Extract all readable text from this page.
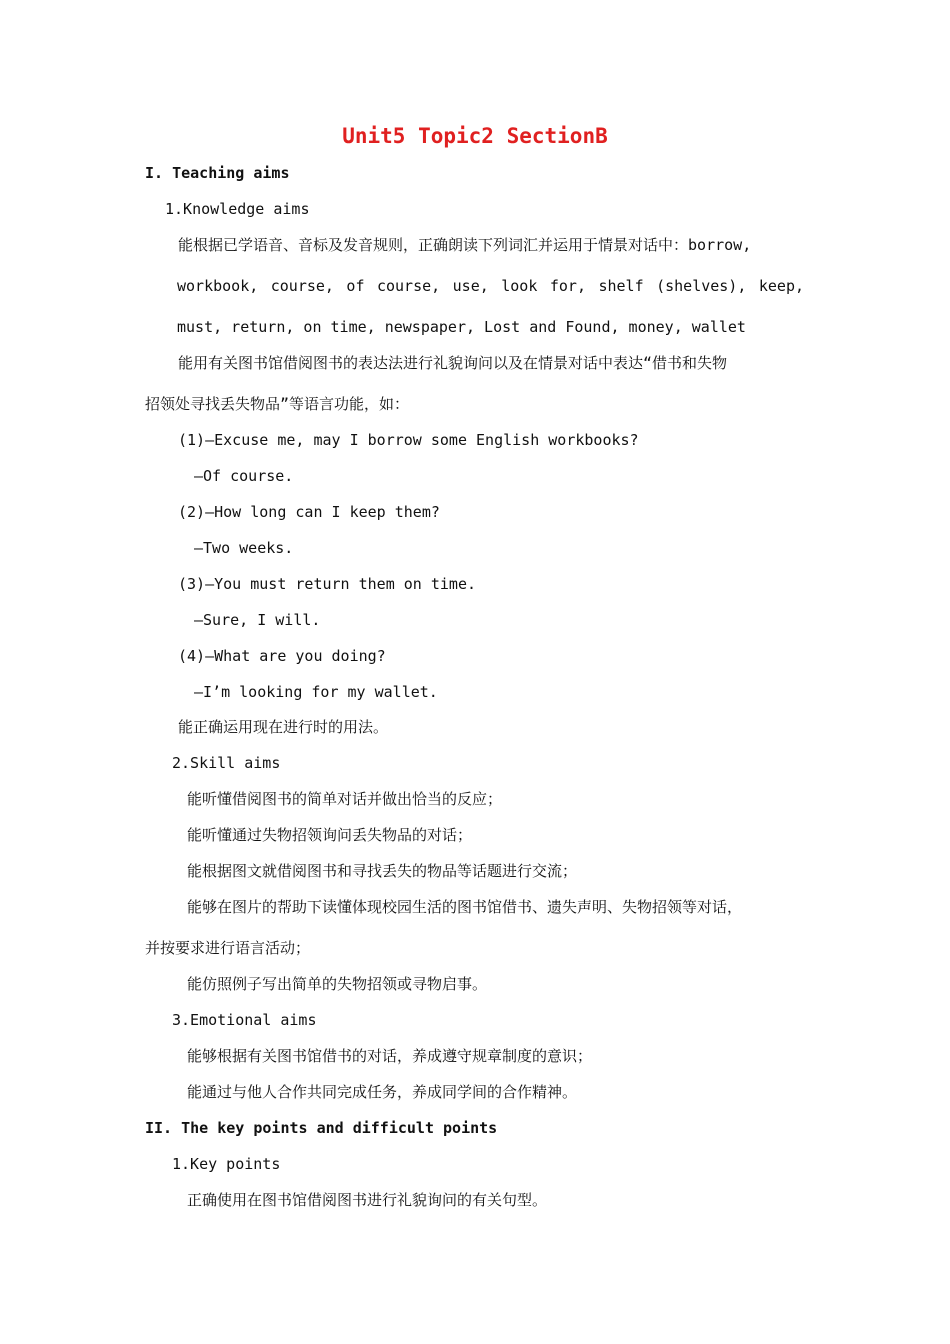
Unit5 Topic2 SectionB
I. Teaching aims
1.Knowledge aims
能根据已学语音、音标及发音规则，正确朗读下列词汇并运用于情景对话中：borrow,
workbook, course, of course, use, look for, shelf (shelves), keep,
must, return, on time, newspaper, Lost and Found, money, wallet
能用有关图书馆借阅图书的表达法进行礼貌询问以及在情景对话中表达“借书和失物
招领处寻找丢失物品”等语言功能，如：
(1)—Excuse me, may I borrow some English workbooks?
—Of course.
(2)—How long can I keep them?
—Two weeks.
(3)—You must return them on time.
—Sure, I will.
(4)—What are you doing?
—I’m looking for my wallet.
能正确运用现在进行时的用法。
2.Skill aims
能听懂借阅图书的简单对话并做出恰当的反应；
能听懂通过失物招领询问丢失物品的对话；
能根据图文就借阅图书和寻找丢失的物品等话题进行交流；
能够在图片的帮助下读懂体现校园生活的图书馆借书、遗失声明、失物招领等对话，
并按要求进行语言活动；
能仿照例子写出简单的失物招领或寻物启事。
3.Emotional aims
能够根据有关图书馆借书的对话，养成遵守规章制度的意识；
能通过与他人合作共同完成任务，养成同学间的合作精神。
II. The key points and difficult points
1.Key points
正确使用在图书馆借阅图书进行礼貌询问的有关句型。
